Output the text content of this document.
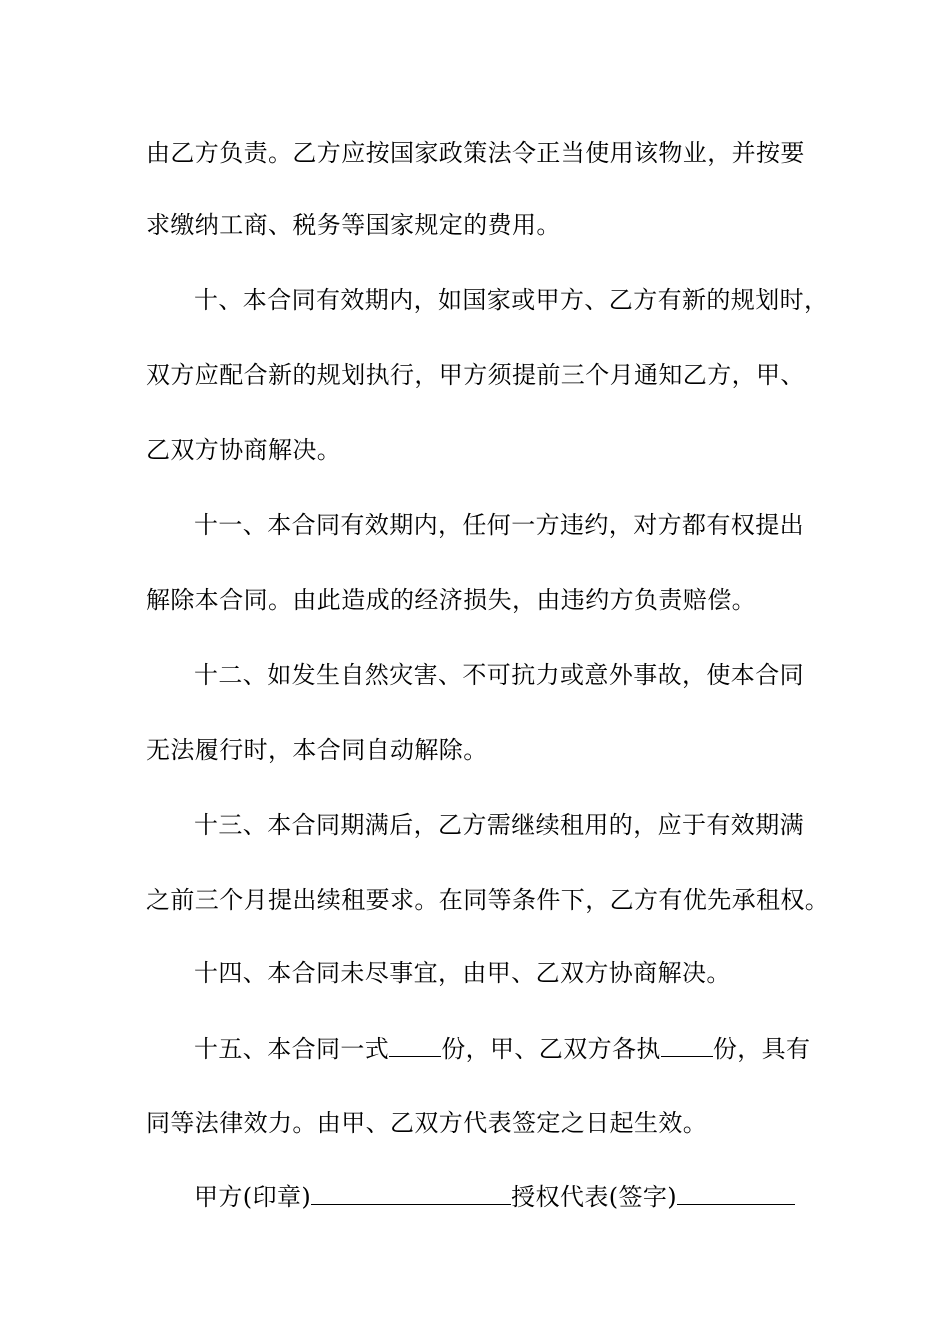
由乙方负责。乙方应按国家政策法令正当使用该物业，并按要
求缴纳工商、税务等国家规定的费用。
十、本合同有效期内，如国家或甲方、乙方有新的规划时，
双方应配合新的规划执行，甲方须提前三个月通知乙方，甲、
乙双方协商解决。
十一、本合同有效期内，任何一方违约，对方都有权提出
解除本合同。由此造成的经济损失，由违约方负责赔偿。
十二、如发生自然灾害、不可抗力或意外事故，使本合同
无法履行时，本合同自动解除。
十三、本合同期满后，乙方需继续租用的，应于有效期满
之前三个月提出续租要求。在同等条件下，乙方有优先承租权。
十四、本合同未尽事宜，由甲、乙双方协商解决。
十五、本合同一式 份，甲、乙双方各执 份，具有
同等法律效力。由甲、乙双方代表签定之日起生效。
甲方(印章)	授权代表(签字)
